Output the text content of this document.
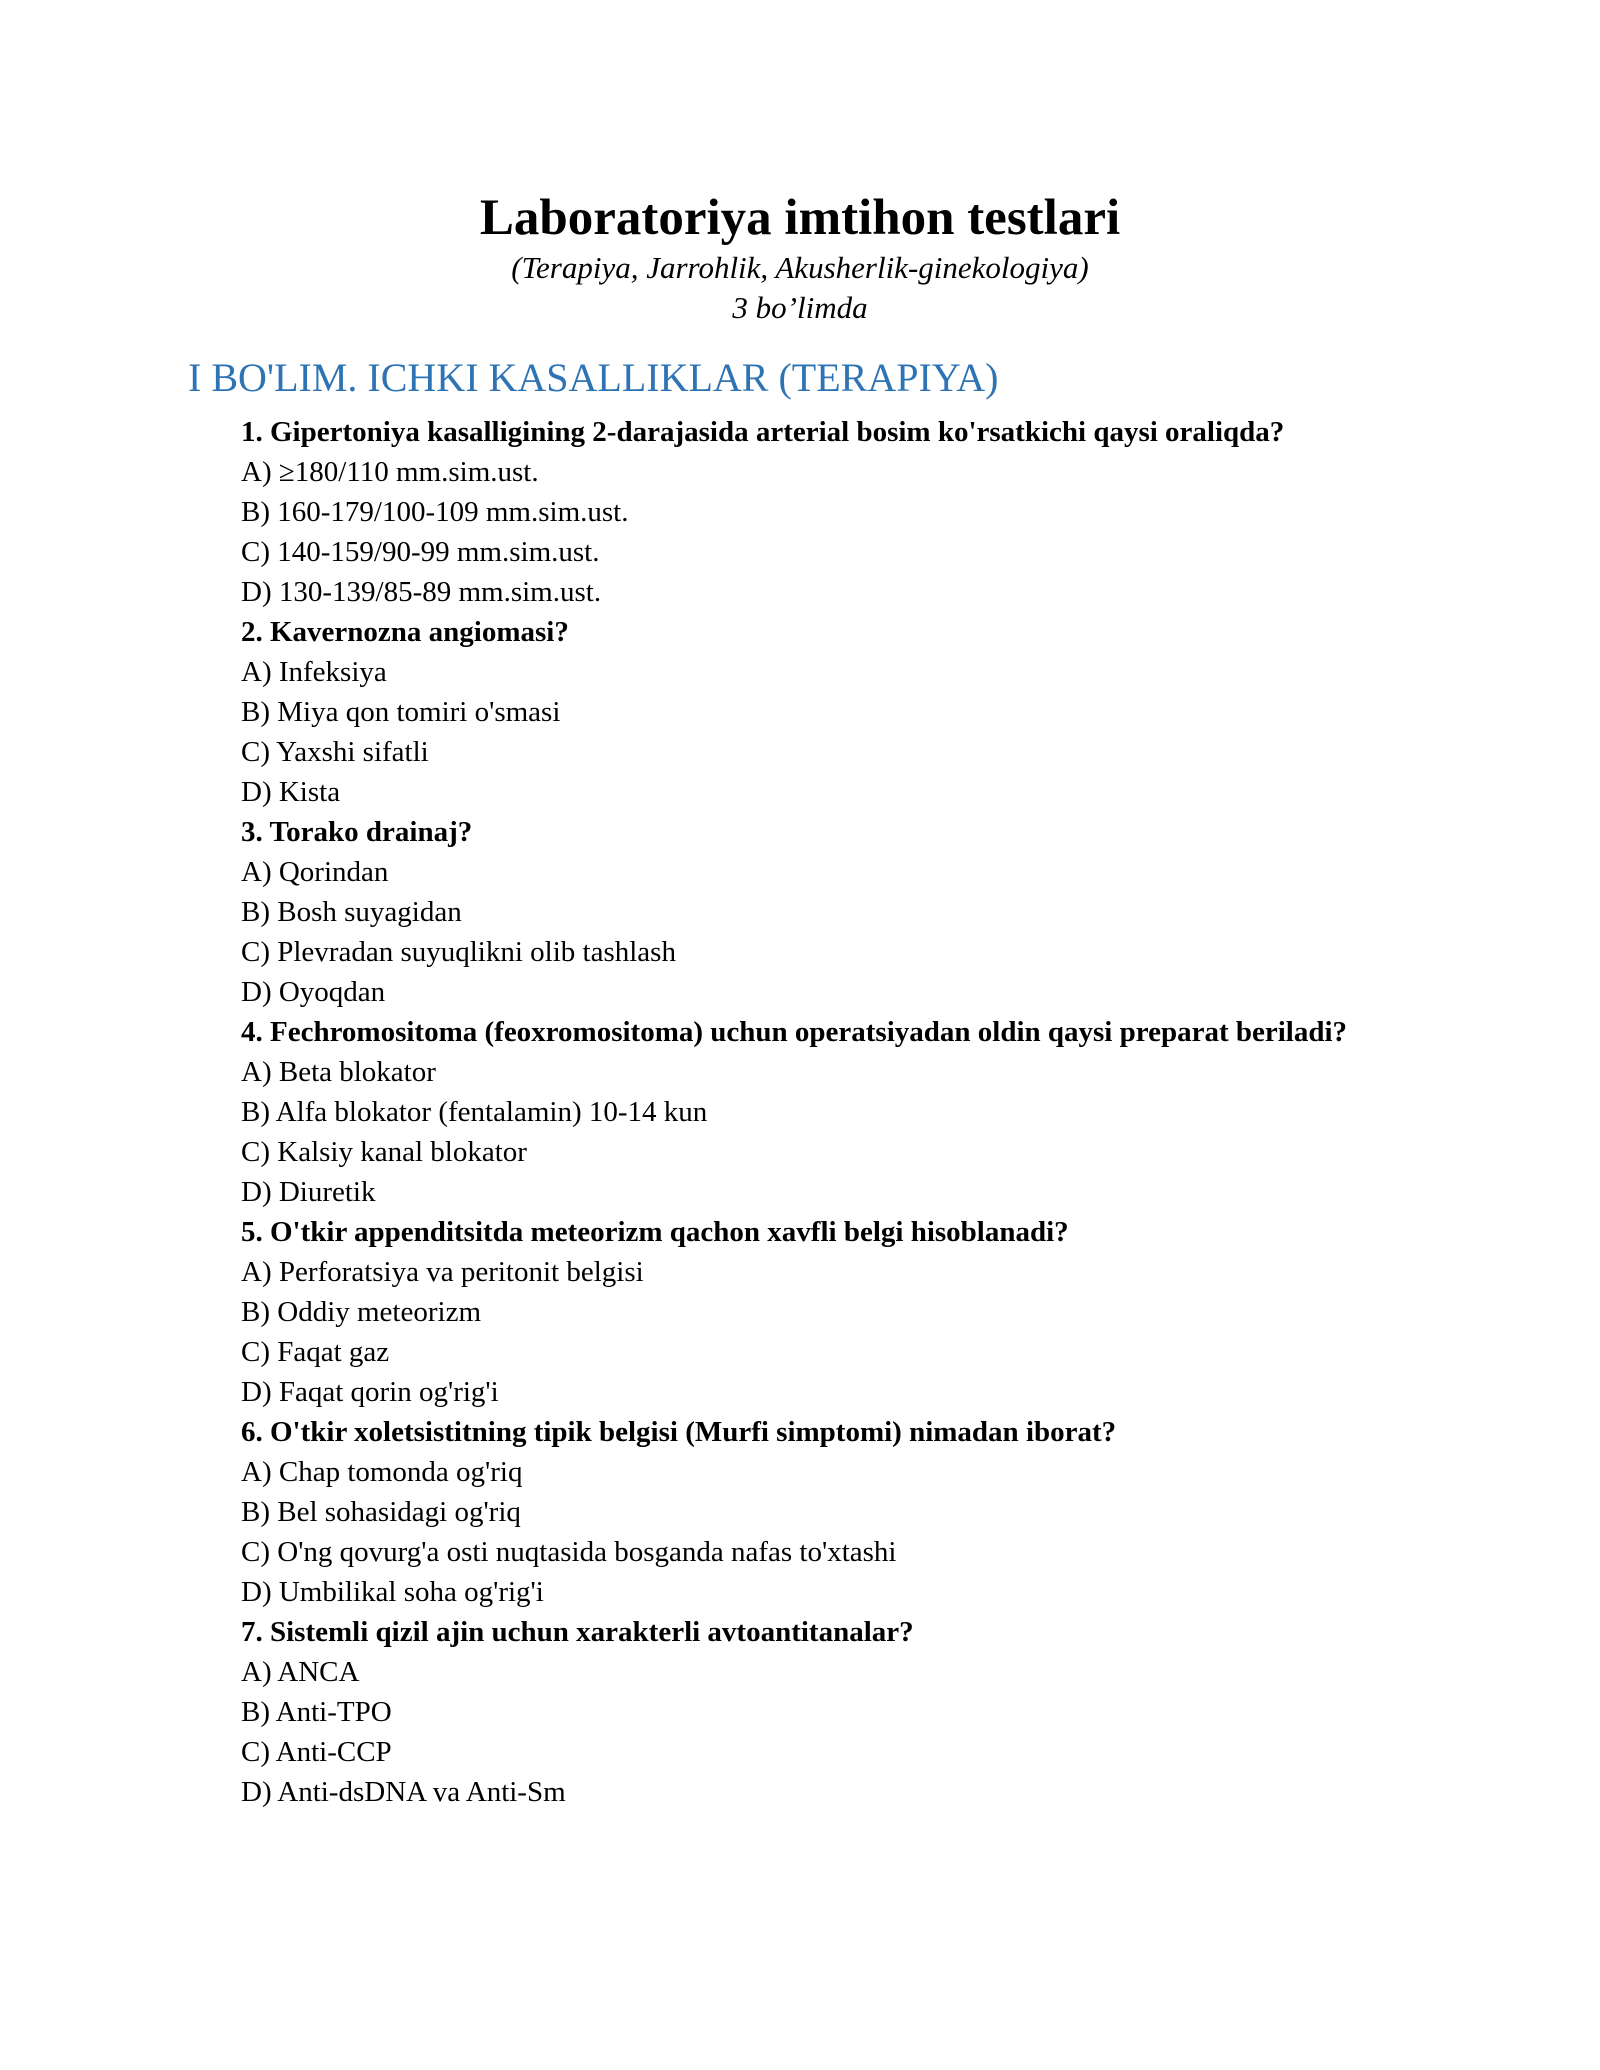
Laboratoriya imtihon testlari
(Terapiya, Jarrohlik, Akusherlik-ginekologiya)
3 bo’limda
I BO'LIM. ICHKI KASALLIKLAR (TERAPIYA)

1. Gipertoniya kasalligining 2-darajasida arterial bosim ko'rsatkichi qaysi oraliqda?

A) ≥180/110 mm.sim.ust.

B) 160-179/100-109 mm.sim.ust.

C) 140-159/90-99 mm.sim.ust.

D) 130-139/85-89 mm.sim.ust.

2. Kavernozna angiomasi?

A) Infeksiya

B) Miya qon tomiri o'smasi

C) Yaxshi sifatli

D) Kista

3. Torako drainaj?

A) Qorindan

B) Bosh suyagidan

C) Plevradan suyuqlikni olib tashlash

D) Oyoqdan

4. Fechromositoma (feoxromositoma) uchun operatsiyadan oldin qaysi preparat beriladi?

A) Beta blokator

B) Alfa blokator (fentalamin) 10-14 kun

C) Kalsiy kanal blokator

D) Diuretik

5. O'tkir appenditsitda meteorizm qachon xavfli belgi hisoblanadi?

A) Perforatsiya va peritonit belgisi

B) Oddiy meteorizm

C) Faqat gaz

D) Faqat qorin og'rig'i

6. O'tkir xoletsistitning tipik belgisi (Murfi simptomi) nimadan iborat?

A) Chap tomonda og'riq

B) Bel sohasidagi og'riq

C) O'ng qovurg'a osti nuqtasida bosganda nafas to'xtashi

D) Umbilikal soha og'rig'i

7. Sistemli qizil ajin uchun xarakterli avtoantitanalar?

A) ANCA

B) Anti-TPO

C) Anti-CCP

D) Anti-dsDNA va Anti-Sm
